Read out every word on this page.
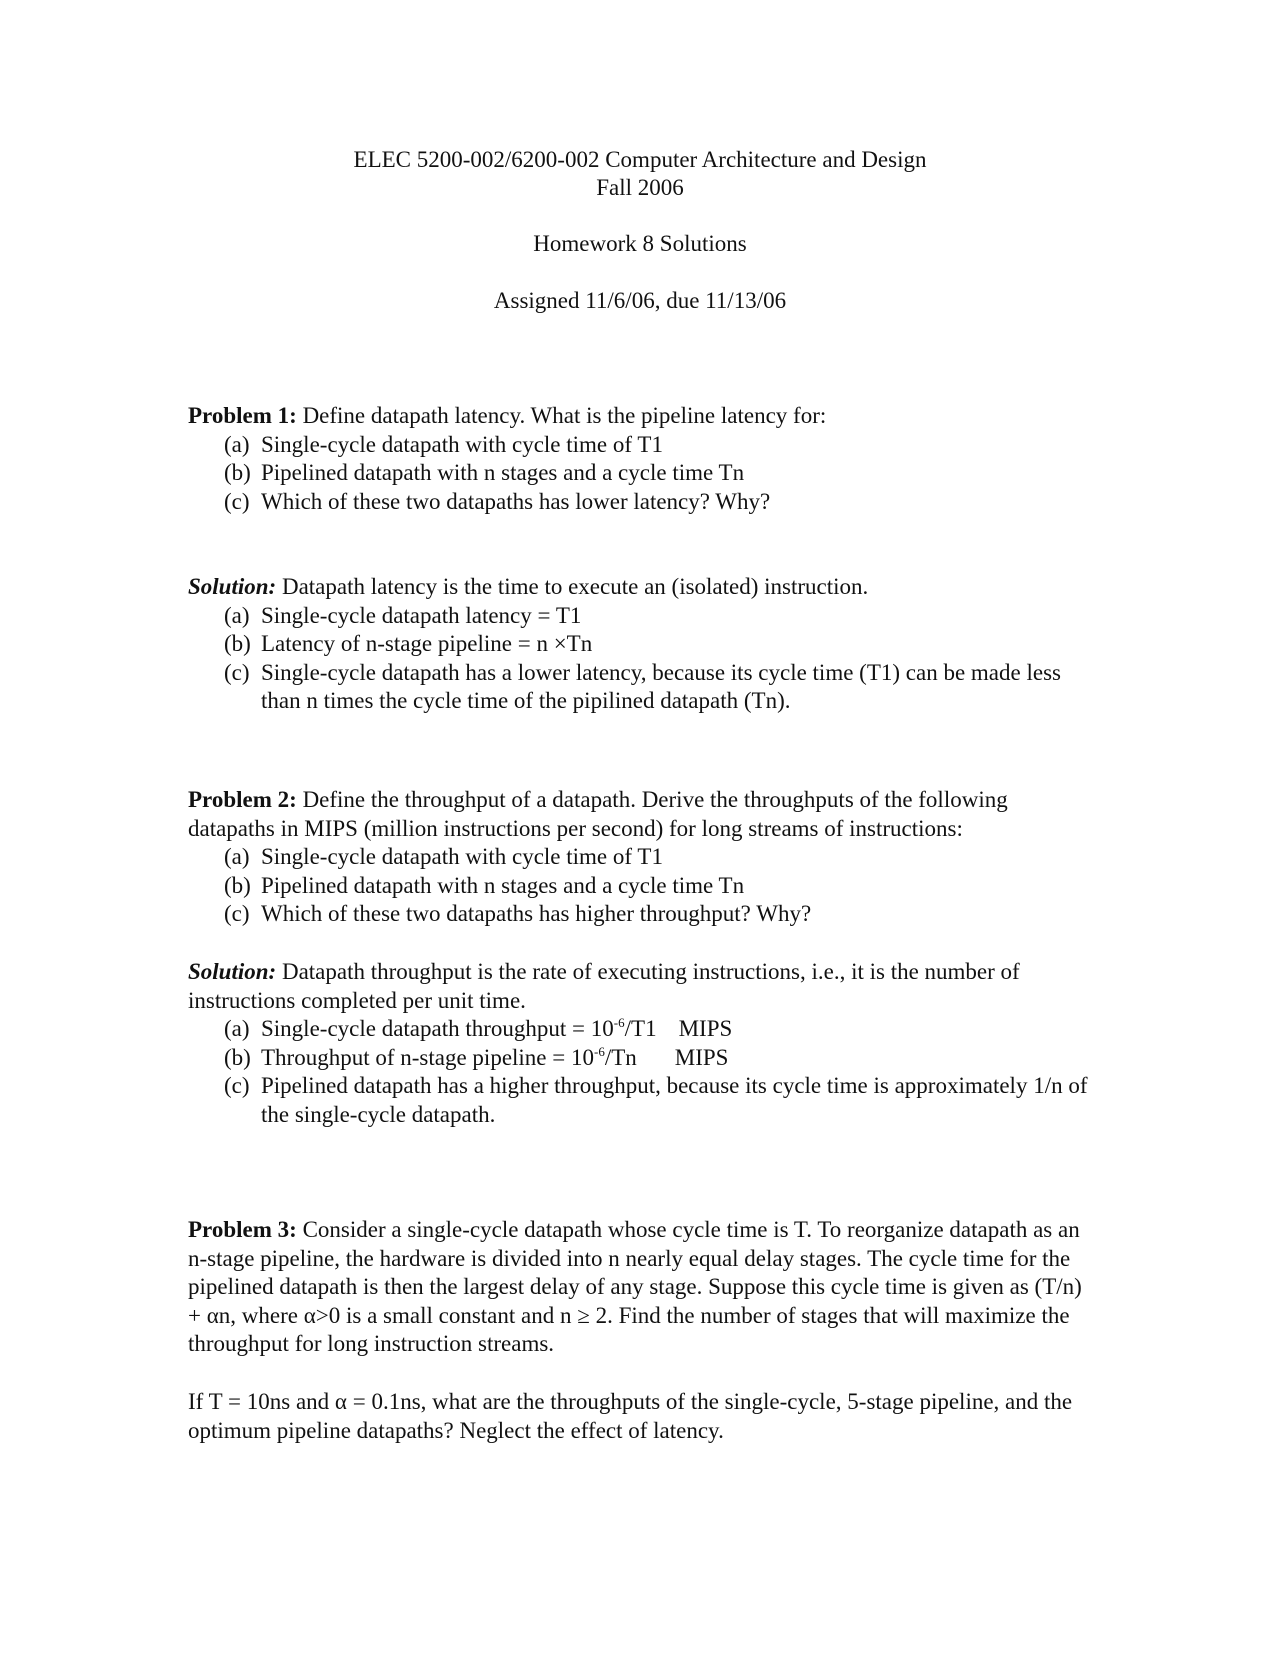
ELEC 5200-002/6200-002 Computer Architecture and Design
Fall 2006
Homework 8 Solutions
Assigned 11/6/06, due 11/13/06
Problem 1: Define datapath latency. What is the pipeline latency for:
(a) Single-cycle datapath with cycle time of T1
(b) Pipelined datapath with n stages and a cycle time Tn
(c) Which of these two datapaths has lower latency? Why?
Solution: Datapath latency is the time to execute an (isolated) instruction.
(a) Single-cycle datapath latency = T1
(b) Latency of n-stage pipeline = n ×Tn
(c) Single-cycle datapath has a lower latency, because its cycle time (T1) can be made less than n times the cycle time of the pipilined datapath (Tn).
Problem 2: Define the throughput of a datapath. Derive the throughputs of the following datapaths in MIPS (million instructions per second) for long streams of instructions:
(a) Single-cycle datapath with cycle time of T1
(b) Pipelined datapath with n stages and a cycle time Tn
(c) Which of these two datapaths has higher throughput? Why?
Solution: Datapath throughput is the rate of executing instructions, i.e., it is the number of instructions completed per unit time.
(a) Single-cycle datapath throughput = $10^{-6}/T1$ MIPS
(b) Throughput of n-stage pipeline = $10^{-6}/Tn$ MIPS
(c) Pipelined datapath has a higher throughput, because its cycle time is approximately 1/n of the single-cycle datapath.
Problem 3: Consider a single-cycle datapath whose cycle time is T. To reorganize datapath as an n-stage pipeline, the hardware is divided into n nearly equal delay stages. The cycle time for the pipelined datapath is then the largest delay of any stage. Suppose this cycle time is given as (T/n) + αn, where α>0 is a small constant and n ≥ 2. Find the number of stages that will maximize the throughput for long instruction streams.
If T = 10ns and α = 0.1ns, what are the throughputs of the single-cycle, 5-stage pipeline, and the optimum pipeline datapaths? Neglect the effect of latency.
